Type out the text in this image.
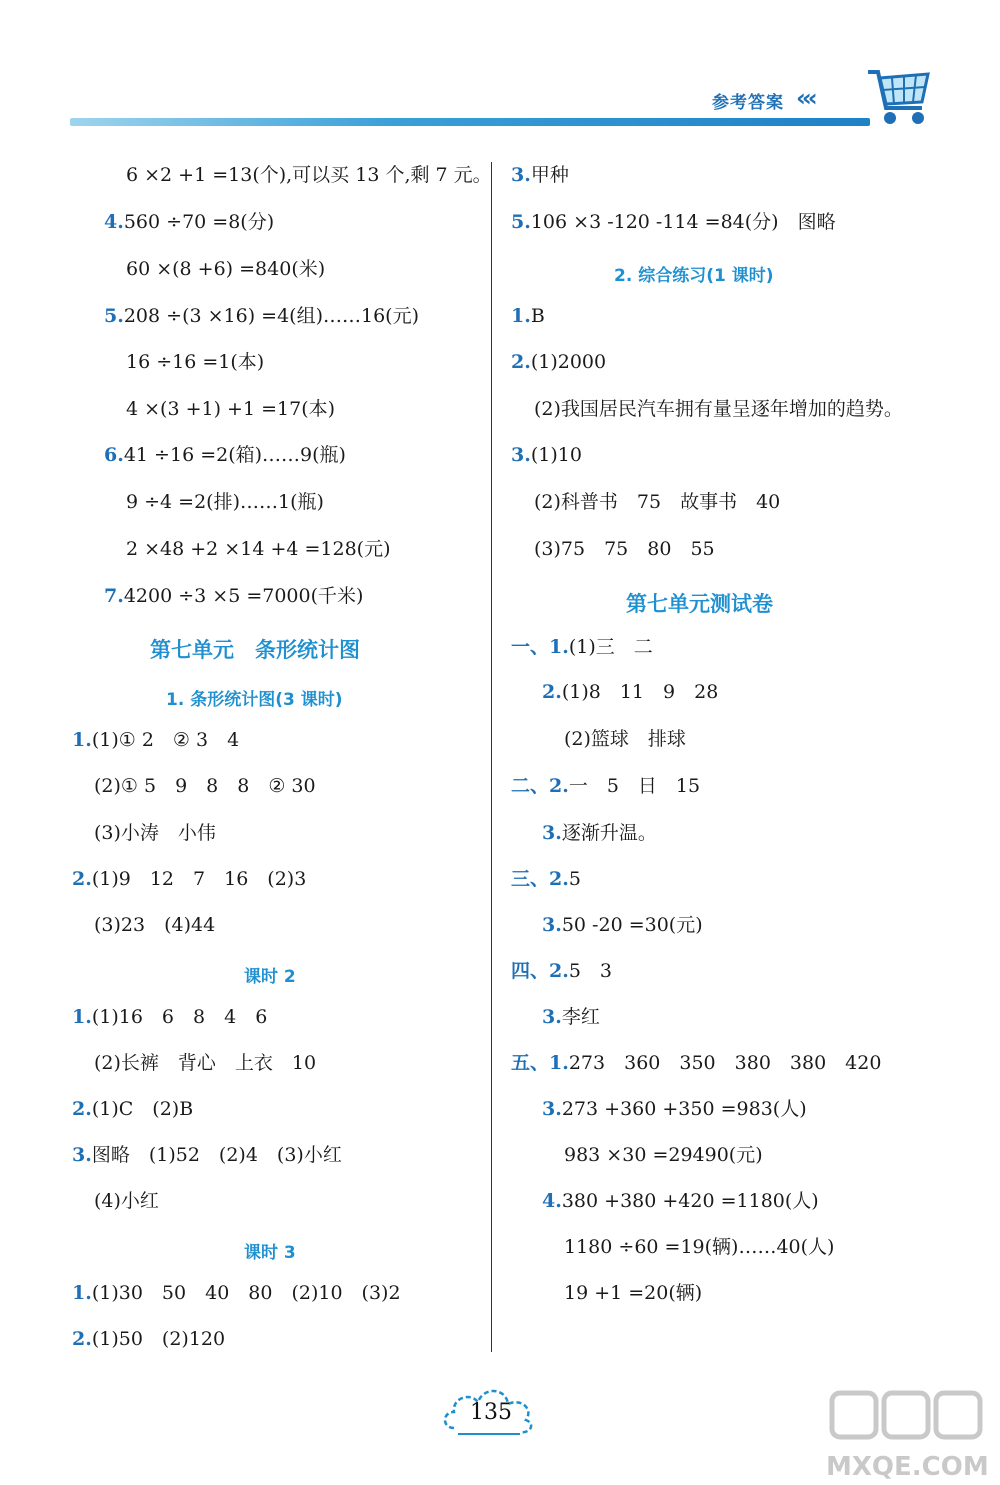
参考答案 ‹‹‹
6 ×2 +1 =13(个),可以买 13 个,剩 7 元。
4.560 ÷70 =8(分)
60 ×(8 +6) =840(米)
5.208 ÷(3 ×16) =4(组)……16(元)
16 ÷16 =1(本)
4 ×(3 +1) +1 =17(本)
6.41 ÷16 =2(箱)……9(瓶)
9 ÷4 =2(排)……1(瓶)
2 ×48 +2 ×14 +4 =128(元)
7.4200 ÷3 ×5 =7000(千米)
第七单元　条形统计图
1. 条形统计图(3 课时)
1.(1)① 2　② 3　4
(2)① 5　9　8　8　② 30
(3)小涛　小伟
2.(1)9　12　7　16　(2)3
(3)23　(4)44
课时 2
1.(1)16　6　8　4　6
(2)长裤　背心　上衣　10
2.(1)C　(2)B
3.图略　(1)52　(2)4　(3)小红
(4)小红
课时 3
1.(1)30　50　40　80　(2)10　(3)2
2.(1)50　(2)120
3.甲种
5.106 ×3 -120 -114 =84(分)　图略
2. 综合练习(1 课时)
1.B
2.(1)2000
(2)我国居民汽车拥有量呈逐年增加的趋势。
3.(1)10
(2)科普书　75　故事书　40
(3)75　75　80　55
第七单元测试卷
一、1.(1)三　二
2.(1)8　11　9　28
(2)篮球　排球
二、2.一　5　日　15
3.逐渐升温。
三、2.5
3.50 -20 =30(元)
四、2.5　3
3.李红
五、1.273　360　350　380　380　420
3.273 +360 +350 =983(人)
983 ×30 =29490(元)
4.380 +380 +420 =1180(人)
1180 ÷60 =19(辆)……40(人)
19 +1 =20(辆)
135
MXQE.COM
